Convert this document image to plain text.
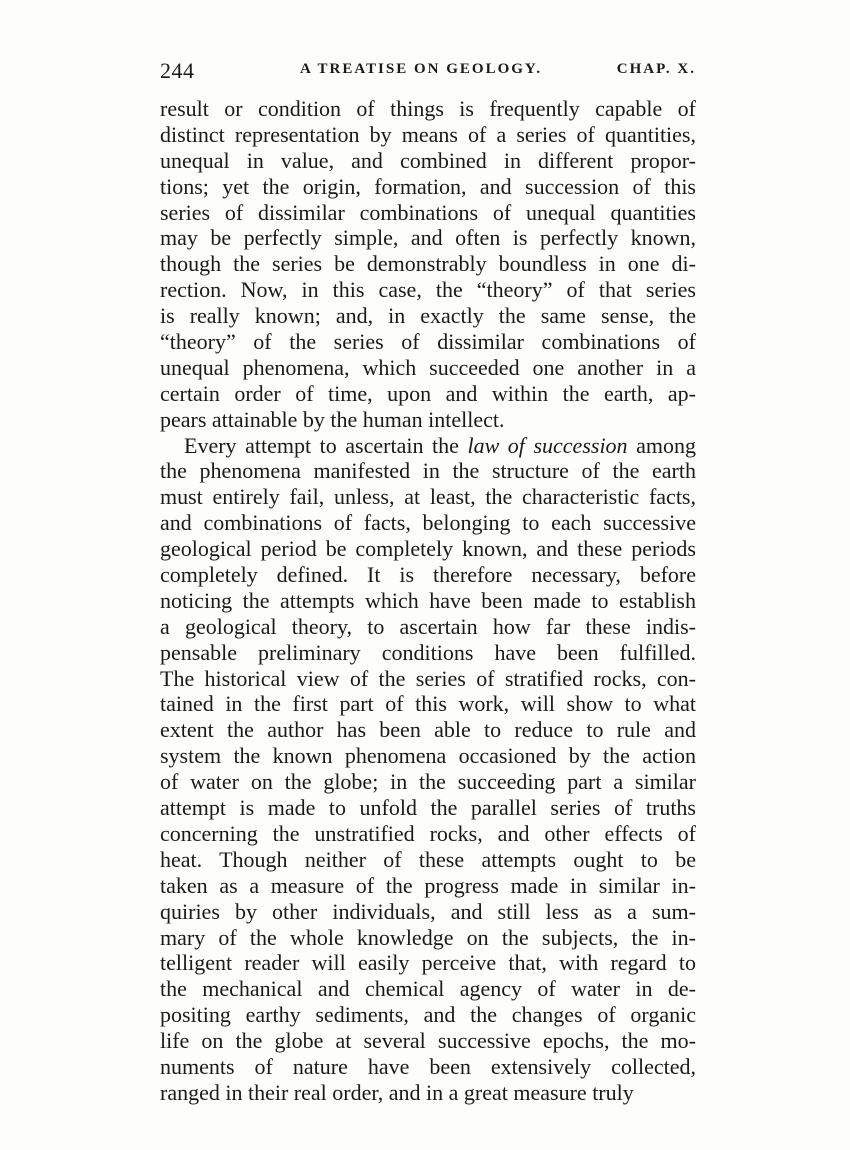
244	A TREATISE ON GEOLOGY.	CHAP. X.
result or condition of things is frequently capable of
distinct representation by means of a series of quantities,
unequal in value, and combined in different propor-
tions; yet the origin, formation, and succession of this
series of dissimilar combinations of unequal quantities
may be perfectly simple, and often is perfectly known,
though the series be demonstrably boundless in one di-
rection. Now, in this case, the “theory” of that series
is really known; and, in exactly the same sense, the
“theory” of the series of dissimilar combinations of
unequal phenomena, which succeeded one another in a
certain order of time, upon and within the earth, ap-
pears attainable by the human intellect.
Every attempt to ascertain the law of succession among
the phenomena manifested in the structure of the earth
must entirely fail, unless, at least, the characteristic facts,
and combinations of facts, belonging to each successive
geological period be completely known, and these periods
completely defined. It is therefore necessary, before
noticing the attempts which have been made to establish
a geological theory, to ascertain how far these indis-
pensable preliminary conditions have been fulfilled.
The historical view of the series of stratified rocks, con-
tained in the first part of this work, will show to what
extent the author has been able to reduce to rule and
system the known phenomena occasioned by the action
of water on the globe; in the succeeding part a similar
attempt is made to unfold the parallel series of truths
concerning the unstratified rocks, and other effects of
heat. Though neither of these attempts ought to be
taken as a measure of the progress made in similar in-
quiries by other individuals, and still less as a sum-
mary of the whole knowledge on the subjects, the in-
telligent reader will easily perceive that, with regard to
the mechanical and chemical agency of water in de-
positing earthy sediments, and the changes of organic
life on the globe at several successive epochs, the mo-
numents of nature have been extensively collected,
ranged in their real order, and in a great measure truly
